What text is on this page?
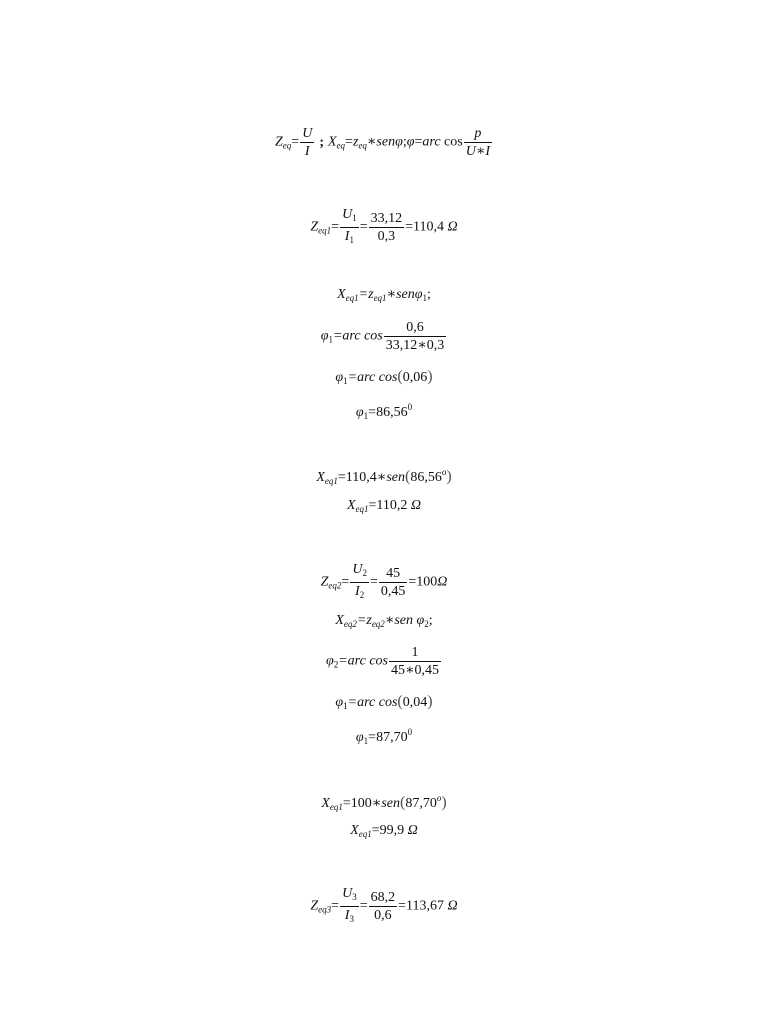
$Z_{eq}= \frac{U}{I}$ ; $X_{eq}=z_{eq}∗sen\varphi;\varphi=arc$ $\cos \frac{p}{U∗I}$
$Z_{eq1}= \frac{U_1}{I_1} = \frac{33,12}{0,3} =110,4$ Ω
$X_{eq1}=z_{eq1}∗sen\varphi_1$;
$\varphi_1=arc$ $\cos \frac{0,6}{33,12∗0,3}$
$\varphi_1=arc$ cos(0,06)
$\varphi_1=86,56^0$
$X_{eq1}=110,4∗sen(86,56^o)$
$X_{eq1}=110,2$ Ω
$Z_{eq2}= \frac{U_2}{I_2} = \frac{45}{0,45} =100\Omega$
$X_{eq2}=z_{eq2}∗sen$ $\varphi_2$;
$\varphi_2=arc$ $\cos \frac{1}{45∗0,45}$
$\varphi_1=arc$ cos(0,04)
$\varphi_1=87,70^0$
$X_{eq1}=100∗sen(87,70^o)$
$X_{eq1}=99,9$ Ω
$Z_{eq3}= \frac{U_3}{I_3} = \frac{68,2}{0,6} =113,67$ Ω
